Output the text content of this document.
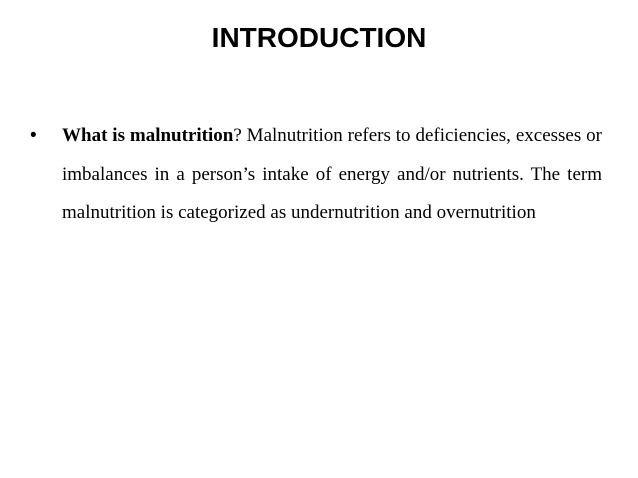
INTRODUCTION
• What is malnutrition? Malnutrition refers to deficiencies, excesses or imbalances in a person’s intake of energy and/or nutrients. The term malnutrition is categorized as undernutrition and overnutrition
